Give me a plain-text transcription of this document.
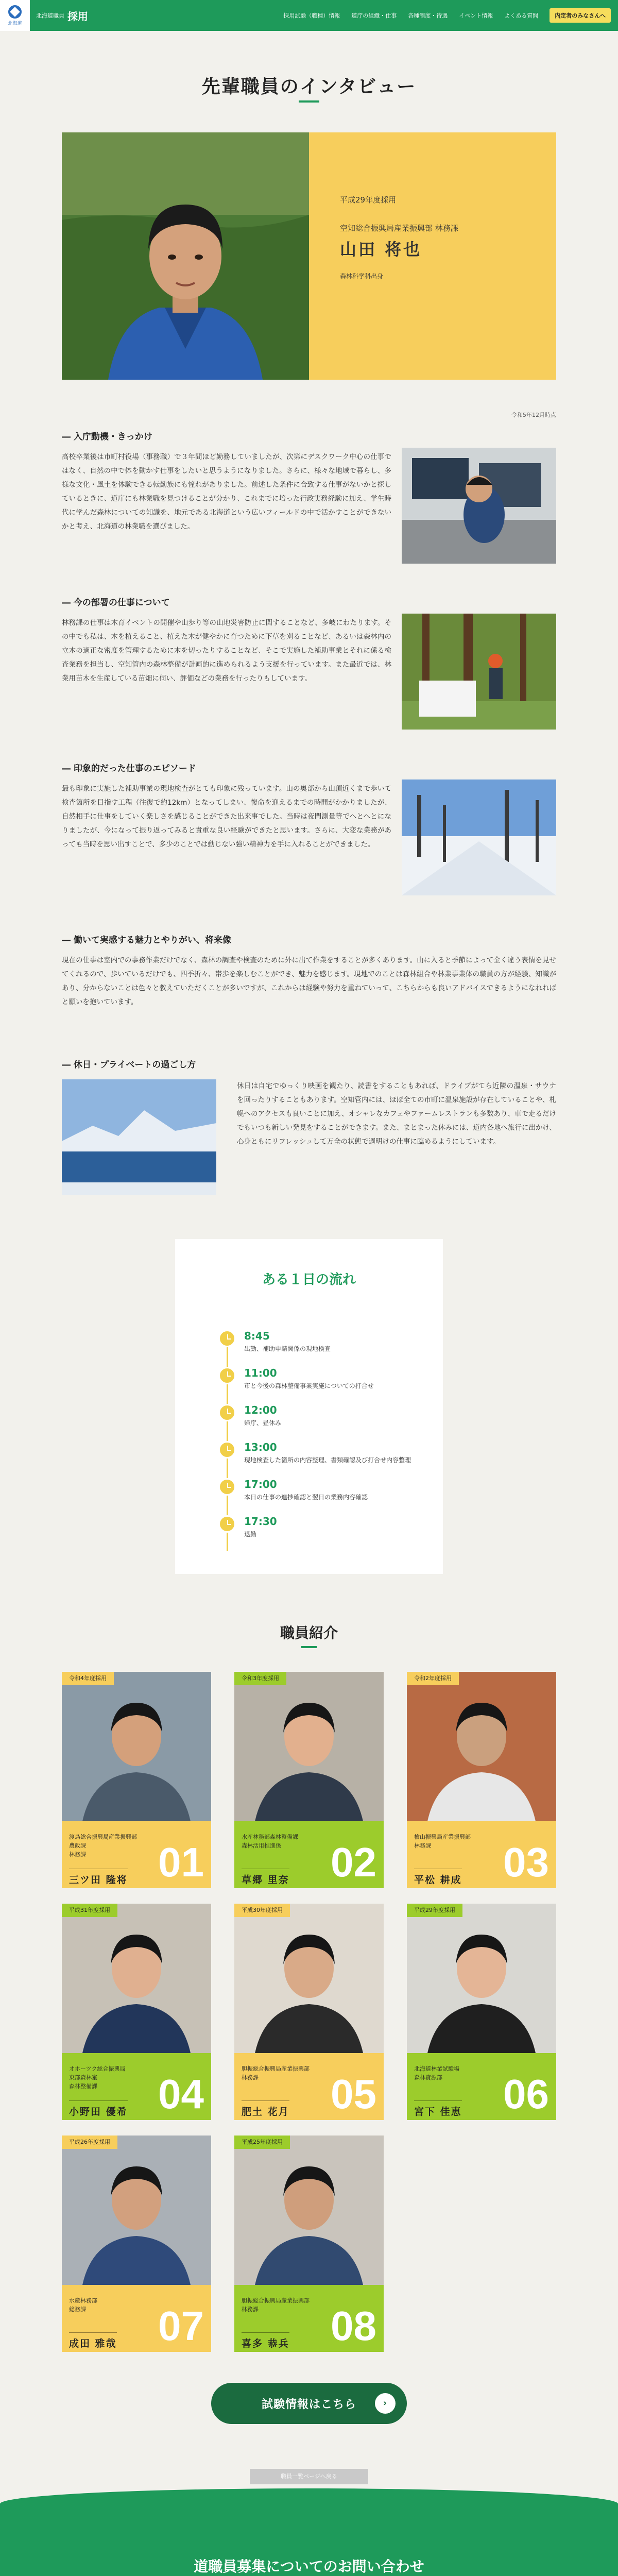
北海道
北海道職員 採用	採用試験（職種）情報 道庁の組織・仕事 各種制度・待遇 イベント情報 よくある質問	内定者のみなさんへ
先輩職員のインタビュー
平成29年度採用
空知総合振興局産業振興部 林務課
山田 将也
森林科学科出身
令和5年12月時点
― 入庁動機・きっかけ

高校卒業後は市町村役場（事務職）で３年間ほど勤務していましたが、次第にデスクワーク中心の仕事ではなく、自然の中で体を動かす仕事をしたいと思うようになりました。さらに、様々な地域で暮らし、多様な文化・風土を体験できる転勤族にも憧れがありました。前述した条件に合致する仕事がないかと探しているときに、道庁にも林業職を見つけることが分かり、これまでに培った行政実務経験に加え、学生時代に学んだ森林についての知識を、地元である北海道という広いフィールドの中で活かすことができないかと考え、北海道の林業職を選びました。

― 今の部署の仕事について

林務課の仕事は木育イベントの開催や山歩り等の山地災害防止に関することなど、多岐にわたります。その中でも私は、木を植えること、植えた木が健やかに育つために下草を刈ることなど、あるいは森林内の立木の適正な密度を管理するために木を切ったりすることなど、そこで実施した補助事業とそれに係る検査業務を担当し、空知管内の森林整備が計画的に進められるよう支援を行っています。また最近では、林業用苗木を生産している苗畑に伺い、評価などの業務を行ったりもしています。

― 印象的だった仕事のエピソード

最も印象に実施した補助事業の現地検査がとても印象に残っています。山の奥部から山頂近くまで歩いて検査箇所を目指す工程（往復で約12km）となってしまい、復命を迎えるまでの時間がかかりましたが、自然相手に仕事をしていく楽しさを感じることができた出来事でした。当時は夜間測量等でへとへとになりましたが、今になって振り返ってみると貴重な良い経験ができたと思います。さらに、大変な業務があっても当時を思い出すことで、多少のことでは動じない強い精神力を手に入れることができました。

― 働いて実感する魅力とやりがい、将来像

現在の仕事は室内での事務作業だけでなく、森林の調査や検査のために外に出て作業をすることが多くあります。山に入ると季節によって全く違う表情を見せてくれるので、歩いているだけでも、四季折々、帯歩を楽しむことができ、魅力を感じます。現地でのことは森林組合や林業事業体の職員の方が経験、知識があり、分からないことは色々と教えていただくことが多いですが、これからは経験や努力を重ねていって、こちらからも良いアドバイスできるようになれればと願いを抱いています。

― 休日・プライベートの過ごし方

休日は自宅でゆっくり映画を観たり、読書をすることもあれば、ドライブがてら近隣の温泉・サウナを回ったりすることもあります。空知管内には、ほぼ全ての市町に温泉施設が存在していることや、札幌へのアクセスも良いことに加え、オシャレなカフェやファームレストランも多数あり、車で走るだけでもいつも新しい発見をすることができます。また、まとまった休みには、道内各地へ旅行に出かけ、心身ともにリフレッシュして万全の状態で週明けの仕事に臨めるようにしています。

ある１日の流れ
8:45
出勤、補助申請関係の現地検査
11:00
市と今後の森林整備事業実施についての打合せ
12:00
帰庁、昼休み
13:00
現地検査した箇所の内容整理、書類確認及び打合せ内容整理
17:00
本日の仕事の進捗確認と翌日の業務内容確認
17:30
退勤
職員紹介
令和4年度採用
渡島総合振興局産業振興部
農政課
林務課
三ツ田 隆将 01
令和3年度採用
水産林務部森林整備課
森林活用推進係
草郷 里奈 02
令和2年度採用
檜山振興局産業振興部
林務課
平松 耕成 03
平成31年度採用
オホーツク総合振興局
東部森林室
森林整備課
小野田 優希 04
平成30年度採用
胆振総合振興局産業振興部
林務課
肥土 花月 05
平成29年度採用
北海道林業試験場
森林資源部
宮下 佳恵 06
平成26年度採用
水産林務部
総務課
成田 雅哉 07
平成25年度採用
胆振総合振興局産業振興部
林務課
喜多 恭兵 08
試験情報はこちら	›
職員一覧ページへ戻る
道職員募集についてのお問い合わせ
